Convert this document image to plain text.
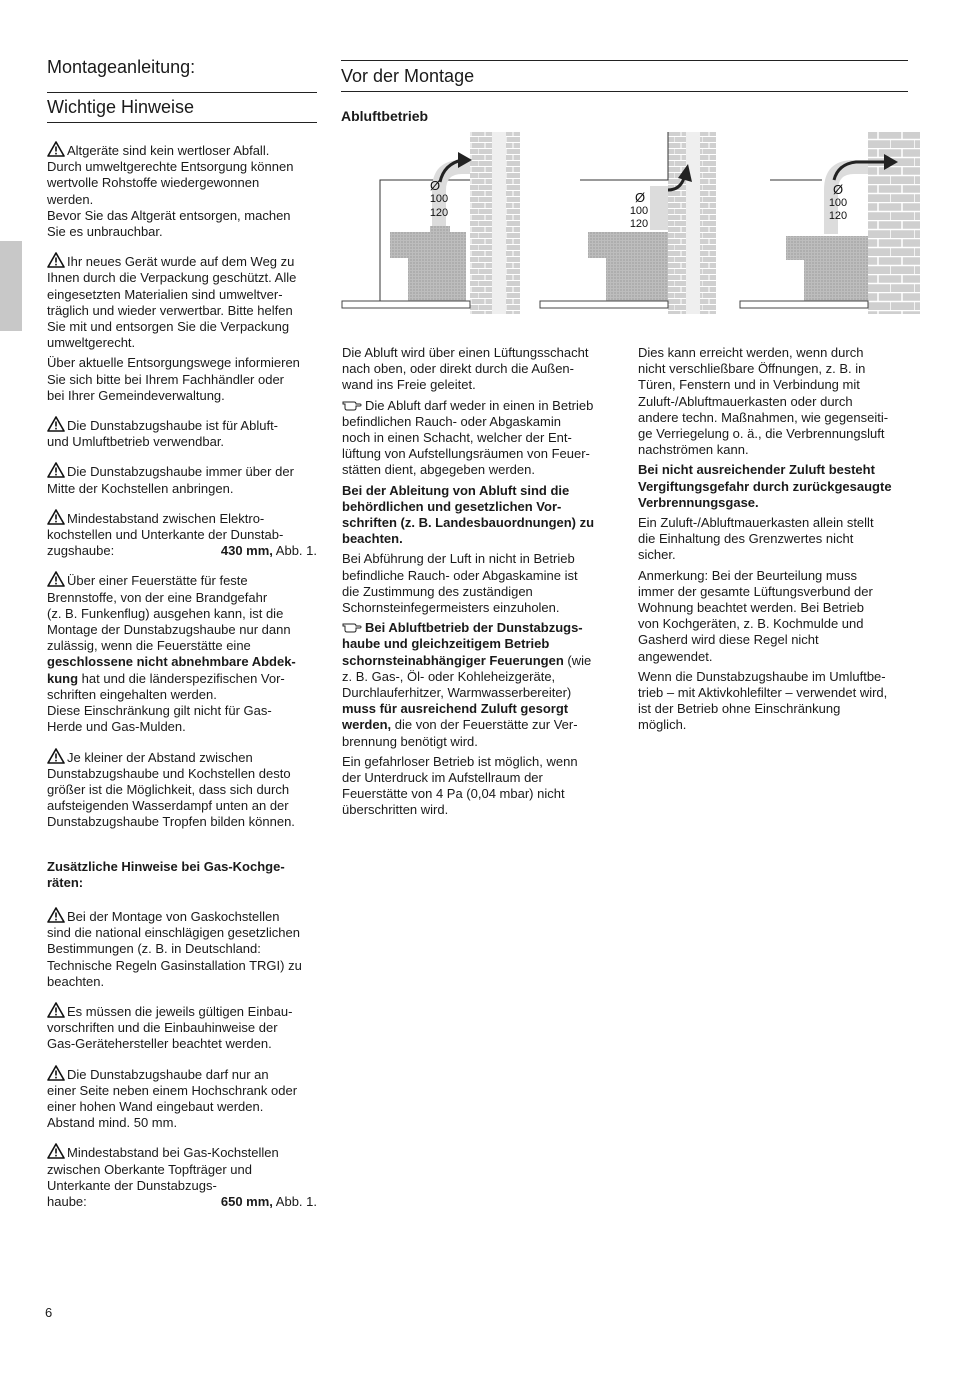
Montageanleitung:
Wichtige Hinweise
Altgeräte sind kein wertloser Abfall.
Durch umweltgerechte Entsorgung können
wertvolle Rohstoffe wiedergewonnen
werden.
Bevor Sie das Altgerät entsorgen, machen
Sie es unbrauchbar.
Ihr neues Gerät wurde auf dem Weg zu
Ihnen durch die Verpackung geschützt. Alle
eingesetzten Materialien sind umweltver-
träglich und wieder verwertbar. Bitte helfen
Sie mit und entsorgen Sie die Verpackung
umweltgerecht.
Über aktuelle Entsorgungswege informieren
Sie sich bitte bei Ihrem Fachhändler oder
bei Ihrer Gemeindeverwaltung.
Die Dunstabzugshaube ist für Abluft-
und Umluftbetrieb verwendbar.
Die Dunstabzugshaube immer über der
Mitte der Kochstellen anbringen.
Mindestabstand zwischen Elektro-
kochstellen und Unterkante der Dunstab-
zugshaube:	430 mm, Abb. 1.
Über einer Feuerstätte für feste
Brennstoffe, von der eine Brandgefahr
(z. B. Funkenflug) ausgehen kann, ist die
Montage der Dunstabzugshaube nur dann
zulässig, wenn die Feuerstätte eine
geschlossene nicht abnehmbare Abdek-
kung hat und die länderspezifischen Vor-
schriften eingehalten werden.
Diese Einschränkung gilt nicht für Gas-
Herde und Gas-Mulden.
Je kleiner der Abstand zwischen
Dunstabzugshaube und Kochstellen desto
größer ist die Möglichkeit, dass sich durch
aufsteigenden Wasserdampf unten an der
Dunstabzugshaube Tropfen bilden können.
Zusätzliche Hinweise bei Gas-Kochge-
räten:
Bei der Montage von Gaskochstellen
sind die national einschlägigen gesetzlichen
Bestimmungen (z. B. in Deutschland:
Technische Regeln Gasinstallation TRGI) zu
beachten.
Es müssen die jeweils gültigen Einbau-
vorschriften und die Einbauhinweise der
Gas-Gerätehersteller beachtet werden.
Die Dunstabzugshaube darf nur an
einer Seite neben einem Hochschrank oder
einer hohen Wand eingebaut werden.
Abstand mind. 50 mm.
Mindestabstand bei Gas-Kochstellen
zwischen Oberkante Topfträger und
Unterkante der Dunstabzugs-
haube:	650 mm, Abb. 1.
Vor der Montage
Abluftbetrieb
Ø
100
120
Ø
100
120
Ø
100
120
Die Abluft wird über einen Lüftungsschacht
nach oben, oder direkt durch die Außen-
wand ins Freie geleitet.
Die Abluft darf weder in einen in Betrieb
befindlichen Rauch- oder Abgaskamin
noch in einen Schacht, welcher der Ent-
lüftung von Aufstellungsräumen von Feuer-
stätten dient, abgegeben werden.
Bei der Ableitung von Abluft sind die
behördlichen und gesetzlichen Vor-
schriften (z. B. Landesbauordnungen) zu
beachten.
Bei Abführung der Luft in nicht in Betrieb
befindliche Rauch- oder Abgaskamine ist
die Zustimmung des zuständigen
Schornsteinfegermeisters einzuholen.
Bei Abluftbetrieb der Dunstabzugs-
haube und gleichzeitigem Betrieb
schornsteinabhängiger Feuerungen (wie
z. B. Gas-, Öl- oder Kohleheizgeräte,
Durchlauferhitzer, Warmwasserbereiter)
muss für ausreichend Zuluft gesorgt
werden, die von der Feuerstätte zur Ver-
brennung benötigt wird.
Ein gefahrloser Betrieb ist möglich, wenn
der Unterdruck im Aufstellraum der
Feuerstätte von 4 Pa (0,04 mbar) nicht
überschritten wird.
Dies kann erreicht werden, wenn durch
nicht verschließbare Öffnungen, z. B. in
Türen, Fenstern und in Verbindung mit
Zuluft-/Abluftmauerkasten oder durch
andere techn. Maßnahmen, wie gegenseiti-
ge Verriegelung o. ä., die Verbrennungsluft
nachströmen kann.
Bei nicht ausreichender Zuluft besteht
Vergiftungsgefahr durch zurückgesaugte
Verbrennungsgase.
Ein Zuluft-/Abluftmauerkasten allein stellt
die Einhaltung des Grenzwertes nicht
sicher.
Anmerkung: Bei der Beurteilung muss
immer der gesamte Lüftungsverbund der
Wohnung beachtet werden. Bei Betrieb
von Kochgeräten, z. B. Kochmulde und
Gasherd wird diese Regel nicht
angewendet.
Wenn die Dunstabzugshaube im Umluftbe-
trieb – mit Aktivkohlefilter – verwendet wird,
ist der Betrieb ohne Einschränkung
möglich.
6
